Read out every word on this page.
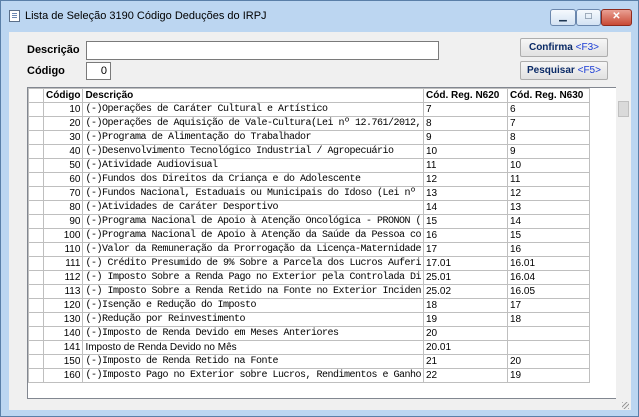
Lista de Seleção 3190 Código Deduções do IRPJ	▁	□	✕
Descrição
Código	0
Confirma <F3>
Pesquisar <F5>
	Código	Descrição	Cód. Reg. N620	Cód. Reg. N630
	10	(-)Operações de Caráter Cultural e Artístico	7	6
	20	(-)Operações de Aquisição de Vale-Cultura(Lei nº 12.761/2012,	8	7
	30	(-)Programa de Alimentação do Trabalhador	9	8
	40	(-)Desenvolvimento Tecnológico Industrial / Agropecuário	10	9
	50	(-)Atividade Audiovisual	11	10
	60	(-)Fundos dos Direitos da Criança e do Adolescente	12	11
	70	(-)Fundos Nacional, Estaduais ou Municipais do Idoso (Lei nº	13	12
	80	(-)Atividades de Caráter Desportivo	14	13
	90	(-)Programa Nacional de Apoio à Atenção Oncológica - PRONON (	15	14
	100	(-)Programa Nacional de Apoio à Atenção da Saúde da Pessoa co	16	15
	110	(-)Valor da Remuneração da Prorrogação da Licença-Maternidade	17	16
	111	(-) Crédito Presumido de 9% Sobre a Parcela dos Lucros Auferi	17.01	16.01
	112	(-) Imposto Sobre a Renda Pago no Exterior pela Controlada Di	25.01	16.04
	113	(-) Imposto Sobre a Renda Retido na Fonte no Exterior Inciden	25.02	16.05
	120	(-)Isenção e Redução do Imposto	18	17
	130	(-)Redução por Reinvestimento	19	18
	140	(-)Imposto de Renda Devido em Meses Anteriores	20	
	141	Imposto de Renda Devido no Mês	20.01	
	150	(-)Imposto de Renda Retido na Fonte	21	20
	160	(-)Imposto Pago no Exterior sobre Lucros, Rendimentos e Ganho	22	19
